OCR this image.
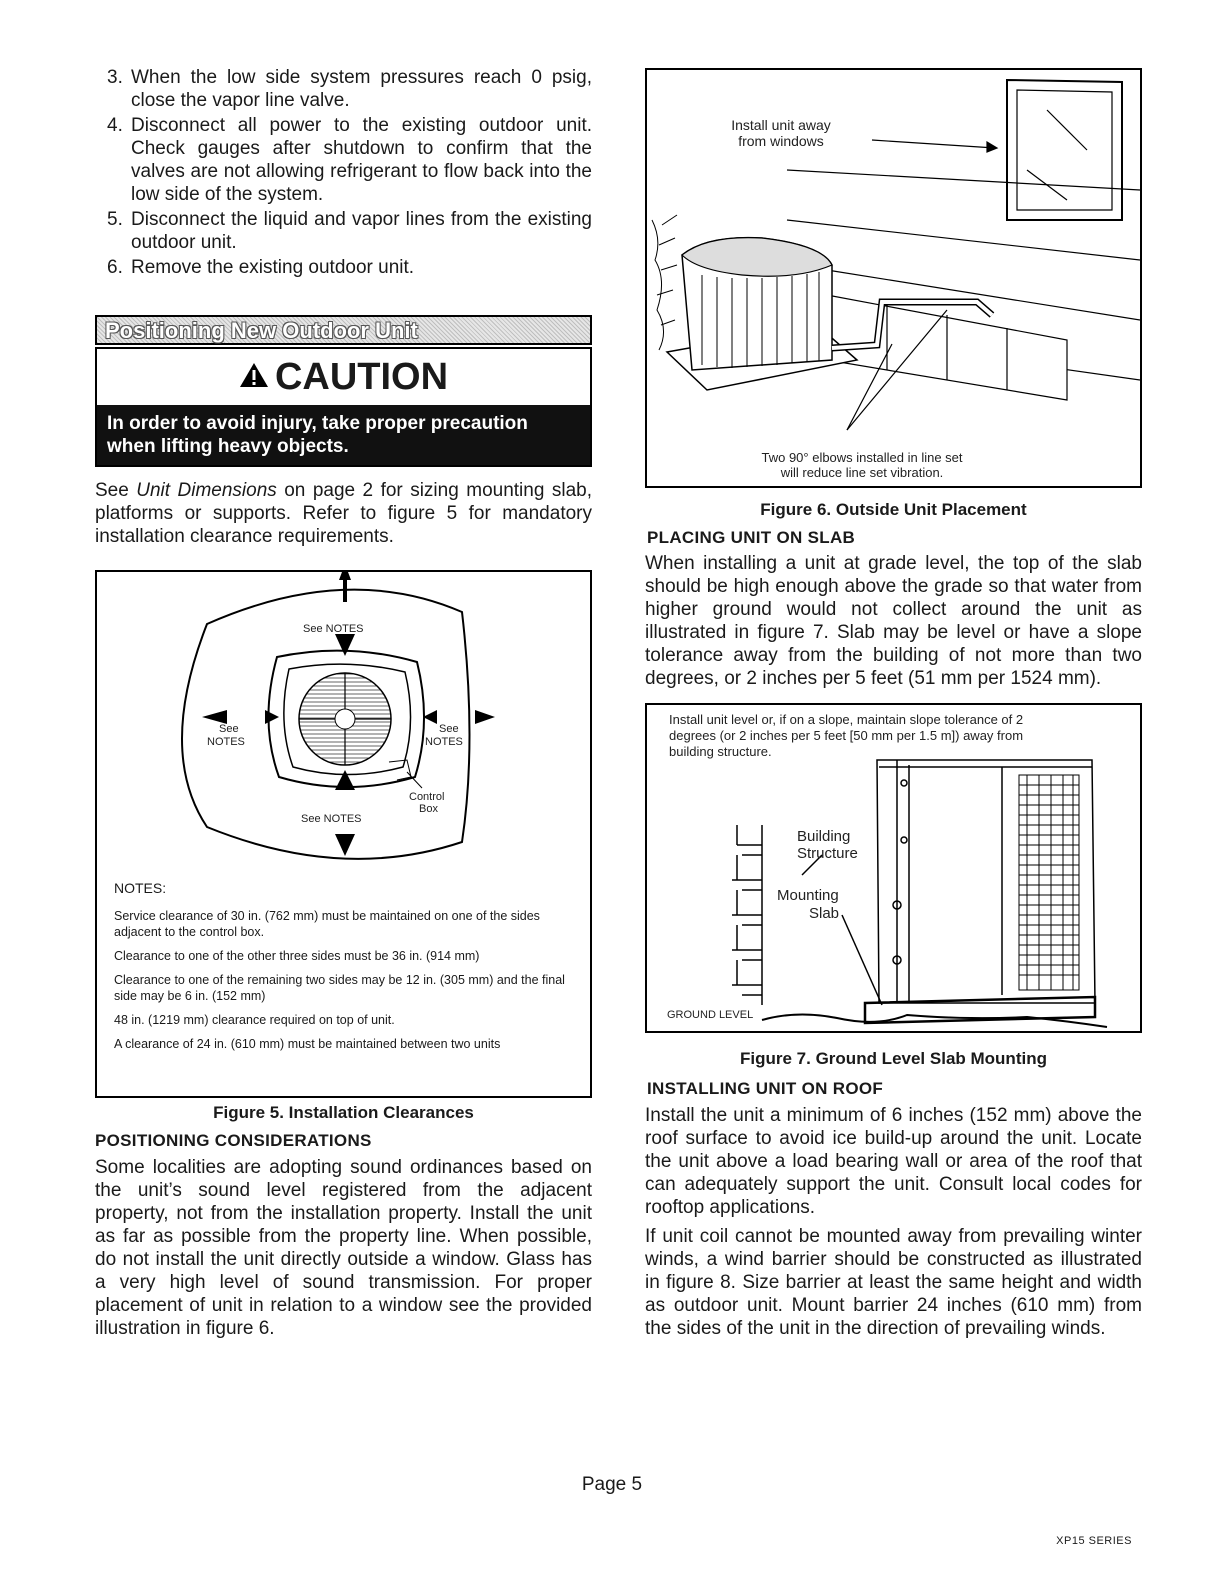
3. When the low side system pressures reach 0 psig, close the vapor line valve.
4. Disconnect all power to the existing outdoor unit. Check gauges after shutdown to confirm that the valves are not allowing refrigerant to flow back into the low side of the system.
5. Disconnect the liquid and vapor lines from the existing outdoor unit.
6. Remove the existing outdoor unit.
Positioning New Outdoor Unit
CAUTION
In order to avoid injury, take proper precaution when lifting heavy objects.

See Unit Dimensions on page 2 for sizing mounting slab, platforms or supports. Refer to figure 5 for mandatory installation clearance requirements.

See NOTES
See
NOTES
See
NOTES
Control
Box
See NOTES
NOTES:

Service clearance of 30 in. (762 mm) must be maintained on one of the sides adjacent to the control box.

Clearance to one of the other three sides must be 36 in. (914 mm)

Clearance to one of the remaining two sides may be 12 in. (305 mm) and the final side may be 6 in. (152 mm)

48 in. (1219 mm) clearance required on top of unit.

A clearance of 24 in. (610 mm) must be maintained between two units

Figure 5. Installation Clearances
POSITIONING CONSIDERATIONS

Some localities are adopting sound ordinances based on the unit’s sound level registered from the adjacent property, not from the installation property. Install the unit as far as possible from the property line. When possible, do not install the unit directly outside a window. Glass has a very high level of sound transmission. For proper placement of unit in relation to a window see the provided illustration in figure 6.

Install unit away
from windows
Two 90° elbows installed in line set
will reduce line set vibration.
Figure 6. Outside Unit Placement
PLACING UNIT ON SLAB

When installing a unit at grade level, the top of the slab should be high enough above the grade so that water from higher ground would not collect around the unit as illustrated in figure 7. Slab may be level or have a slope tolerance away from the building of not more than two degrees, or 2 inches per 5 feet (51 mm per 1524 mm).

Install unit level or, if on a slope, maintain slope tolerance of 2
degrees (or 2 inches per 5 feet [50 mm per 1.5 m]) away from
building structure.
Building
Structure
Mounting
Slab
GROUND LEVEL
Figure 7. Ground Level Slab Mounting
INSTALLING UNIT ON ROOF

Install the unit a minimum of 6 inches (152 mm) above the roof surface to avoid ice build-up around the unit. Locate the unit above a load bearing wall or area of the roof that can adequately support the unit. Consult local codes for rooftop applications.

If unit coil cannot be mounted away from prevailing winter winds, a wind barrier should be constructed as illustrated in figure 8. Size barrier at least the same height and width as outdoor unit. Mount barrier 24 inches (610 mm) from the sides of the unit in the direction of prevailing winds.

Page 5
XP15 SERIES
